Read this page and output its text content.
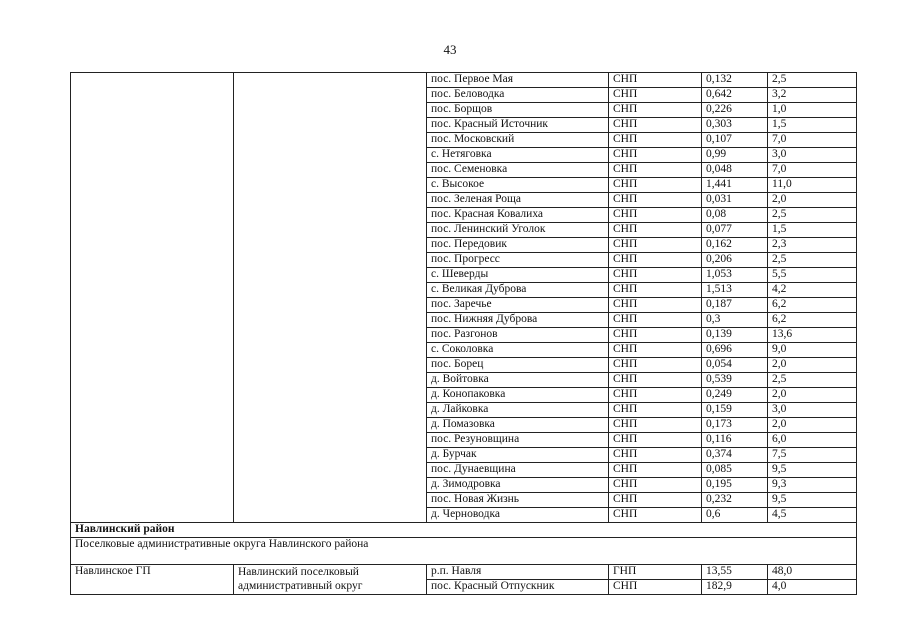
43
		пос. Первое Мая	СНП	0,132	2,5
		пос. Беловодка	СНП	0,642	3,2
		пос. Борщов	СНП	0,226	1,0
		пос. Красный Источник	СНП	0,303	1,5
		пос. Московский	СНП	0,107	7,0
		с. Нетяговка	СНП	0,99	3,0
		пос. Семеновка	СНП	0,048	7,0
		с. Высокое	СНП	1,441	11,0
		пос. Зеленая Роща	СНП	0,031	2,0
		пос. Красная Ковалиха	СНП	0,08	2,5
		пос. Ленинский Уголок	СНП	0,077	1,5
		пос. Передовик	СНП	0,162	2,3
		пос. Прогресс	СНП	0,206	2,5
		с. Шеверды	СНП	1,053	5,5
		с. Великая Дуброва	СНП	1,513	4,2
		пос. Заречье	СНП	0,187	6,2
		пос. Нижняя Дуброва	СНП	0,3	6,2
		пос. Разгонов	СНП	0,139	13,6
		с. Соколовка	СНП	0,696	9,0
		пос. Борец	СНП	0,054	2,0
		д. Войтовка	СНП	0,539	2,5
		д. Конопаковка	СНП	0,249	2,0
		д. Лайковка	СНП	0,159	3,0
		д. Помазовка	СНП	0,173	2,0
		пос. Резуновщина	СНП	0,116	6,0
		д. Бурчак	СНП	0,374	7,5
		пос. Дунаевщина	СНП	0,085	9,5
		д. Зимодровка	СНП	0,195	9,3
		пос. Новая Жизнь	СНП	0,232	9,5
		д. Черноводка	СНП	0,6	4,5
Навлинский район					
Поселковые административные округа Навлинского района					
Навлинское ГП	Навлинский поселковый административный округ	р.п. Навля	ГНП	13,55	48,0
		пос. Красный Отпускник	СНП	182,9	4,0
